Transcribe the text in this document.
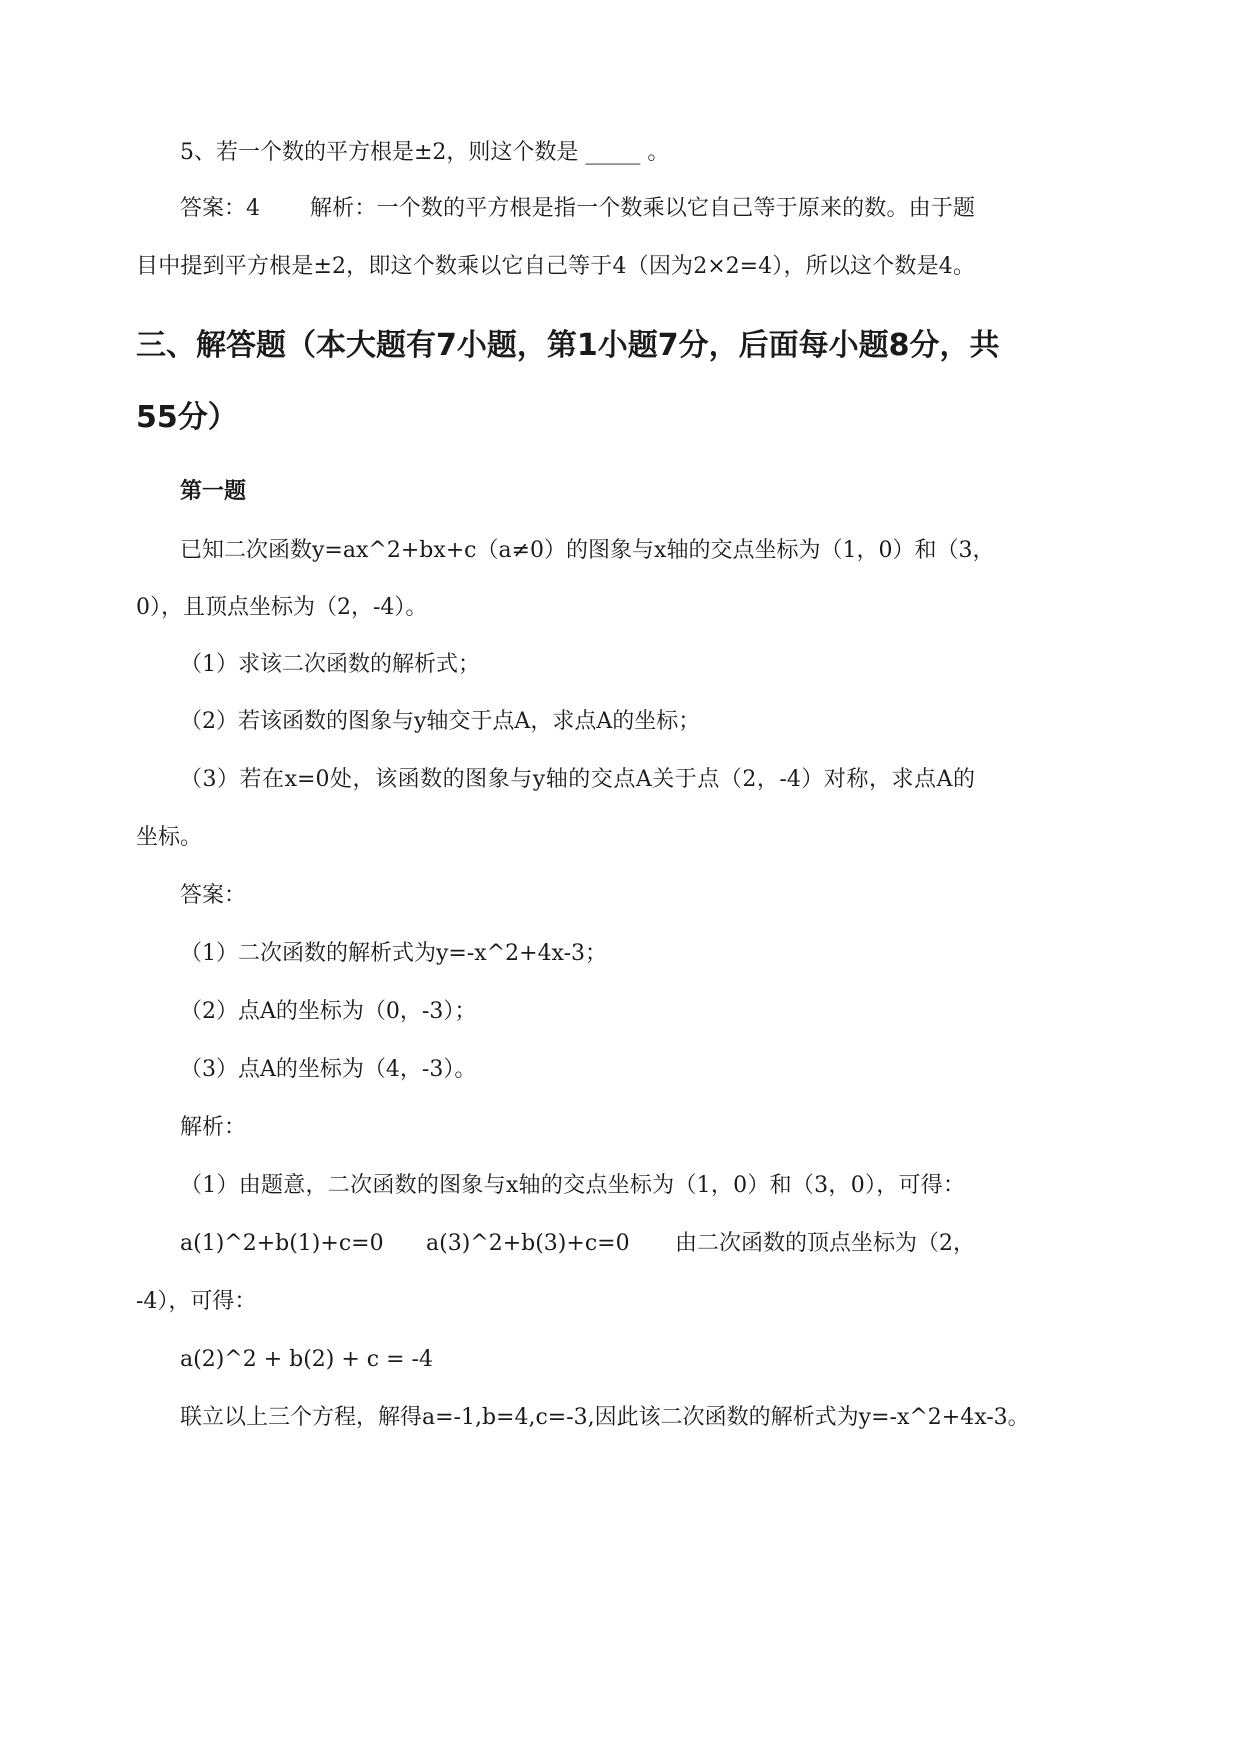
5、若一个数的平方根是±2，则这个数是 _____ 。
答案：4 解析：一个数的平方根是指一个数乘以它自己等于原来的数。由于题
目中提到平方根是±2，即这个数乘以它自己等于4（因为2×2=4），所以这个数是4。
三、解答题（本大题有7小题，第1小题7分，后面每小题8分，共
55分）
第一题
已知二次函数y=ax^2+bx+c（a≠0）的图象与x轴的交点坐标为（1，0）和（3，
0），且顶点坐标为（2，-4）。
（1）求该二次函数的解析式；
（2）若该函数的图象与y轴交于点A，求点A的坐标；
（3）若在x=0处，该函数的图象与y轴的交点A关于点（2，-4）对称，求点A的
坐标。
答案：
（1）二次函数的解析式为y=-x^2+4x-3；
（2）点A的坐标为（0，-3）；
（3）点A的坐标为（4，-3）。
解析：
（1）由题意，二次函数的图象与x轴的交点坐标为（1，0）和（3，0），可得：
a(1)^2+b(1)+c=0 a(3)^2+b(3)+c=0 由二次函数的顶点坐标为（2，
-4），可得：
a(2)^2 + b(2) + c = -4
联立以上三个方程，解得a=-1,b=4,c=-3,因此该二次函数的解析式为y=-x^2+4x-3。
